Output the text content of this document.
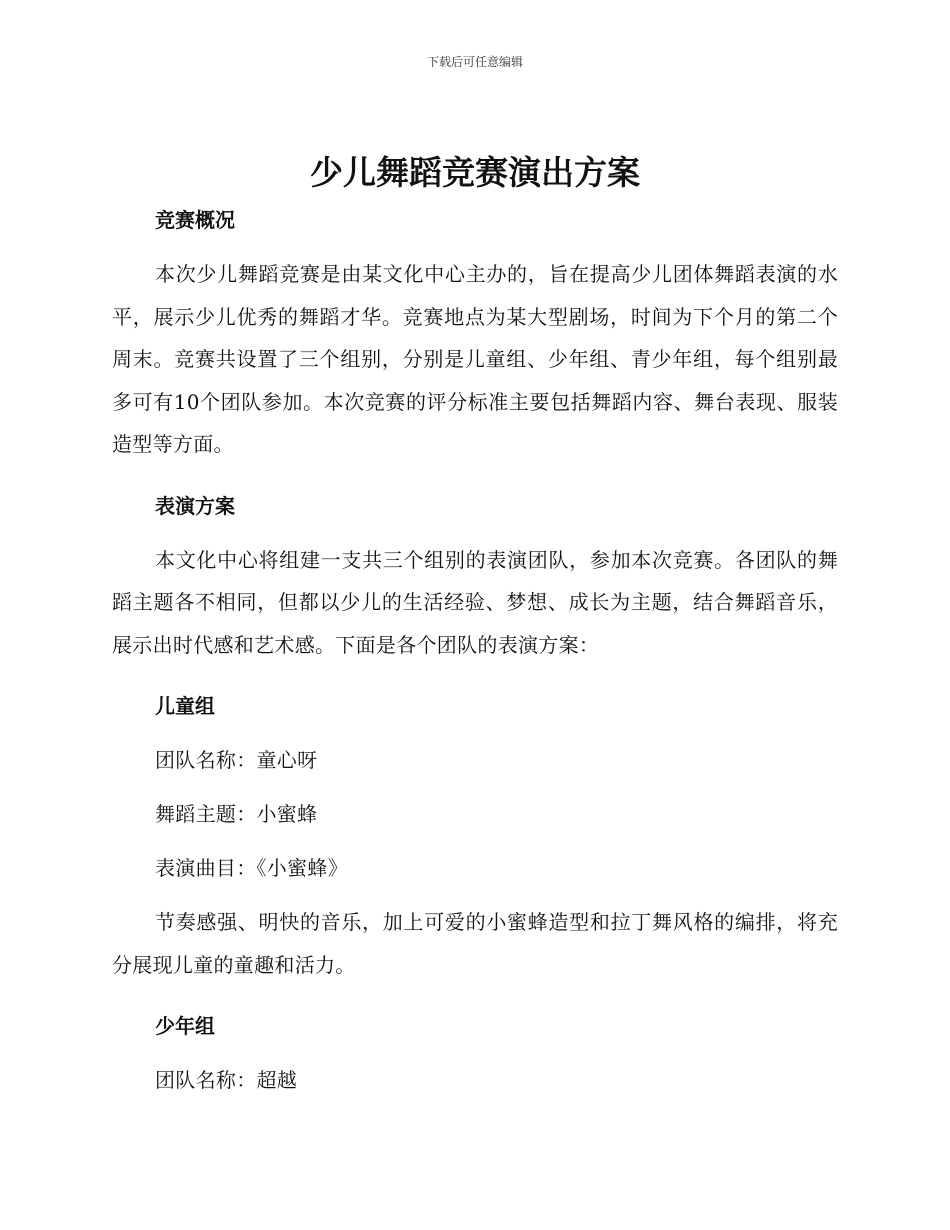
下载后可任意编辑
少儿舞蹈竞赛演出方案
竞赛概况

本次少儿舞蹈竞赛是由某文化中心主办的，旨在提高少儿团体舞蹈表演的水平，展示少儿优秀的舞蹈才华。竞赛地点为某大型剧场，时间为下个月的第二个周末。竞赛共设置了三个组别，分别是儿童组、少年组、青少年组，每个组别最多可有10个团队参加。本次竞赛的评分标准主要包括舞蹈内容、舞台表现、服装造型等方面。

表演方案

本文化中心将组建一支共三个组别的表演团队，参加本次竞赛。各团队的舞蹈主题各不相同，但都以少儿的生活经验、梦想、成长为主题，结合舞蹈音乐，展示出时代感和艺术感。下面是各个团队的表演方案：

儿童组

团队名称：童心呀

舞蹈主题：小蜜蜂

表演曲目：《小蜜蜂》

节奏感强、明快的音乐，加上可爱的小蜜蜂造型和拉丁舞风格的编排，将充分展现儿童的童趣和活力。

少年组

团队名称：超越
